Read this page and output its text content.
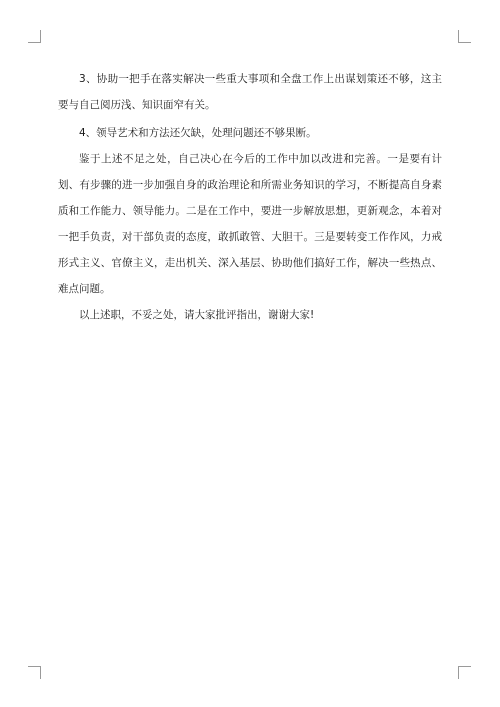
3、协助一把手在落实解决一些重大事项和全盘工作上出谋划策还不够，这主要与自己阅历浅、知识面窄有关。

4、领导艺术和方法还欠缺，处理问题还不够果断。

鉴于上述不足之处，自己决心在今后的工作中加以改进和完善。一是要有计划、有步骤的进一步加强自身的政治理论和所需业务知识的学习，不断提高自身素质和工作能力、领导能力。二是在工作中，要进一步解放思想，更新观念，本着对一把手负责，对干部负责的态度，敢抓敢管、大胆干。三是要转变工作作风，力戒形式主义、官僚主义，走出机关、深入基层、协助他们搞好工作，解决一些热点、难点问题。

以上述职，不妥之处，请大家批评指出，谢谢大家!
